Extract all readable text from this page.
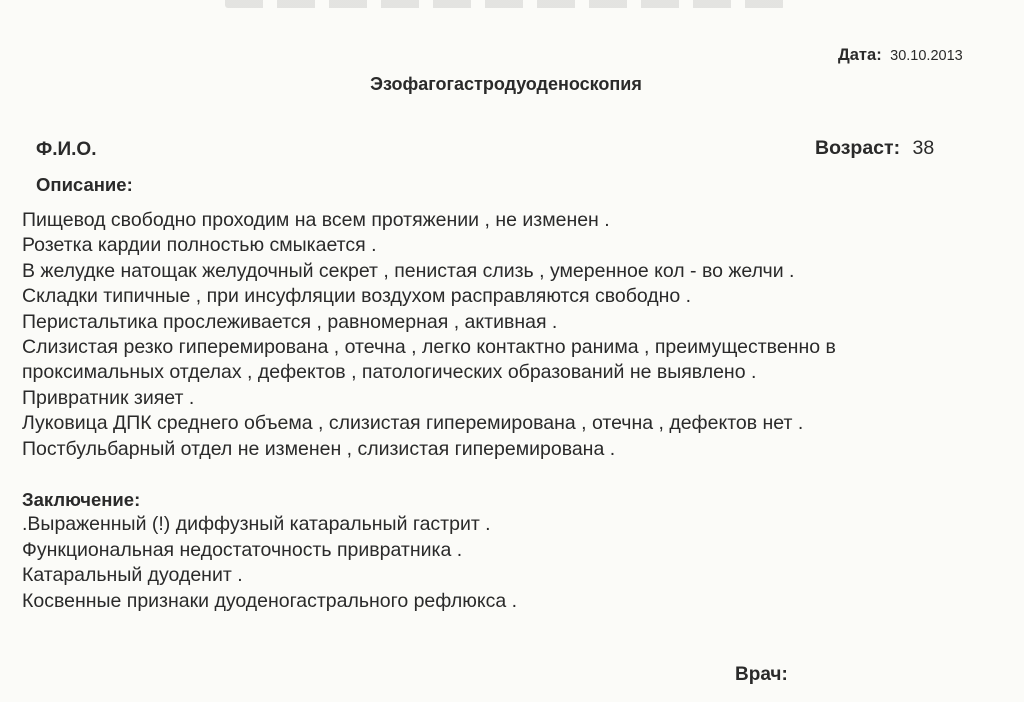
Дата: 30.10.2013
Эзофагогастродуоденоскопия
Ф.И.О.	Возраст: 38
Описание:
Пищевод свободно проходим на всем протяжении , не изменен .
Розетка кардии полностью смыкается .
В желудке натощак желудочный секрет , пенистая слизь , умеренное кол - во желчи .
Складки типичные , при инсуфляции воздухом расправляются свободно .
Перистальтика прослеживается , равномерная , активная .
Слизистая резко гиперемирована , отечна , легко контактно ранима , преимущественно в
проксимальных отделах , дефектов , патологических образований не выявлено .
Привратник зияет .
Луковица ДПК среднего объема , слизистая гиперемирована , отечна , дефектов нет .
Постбульбарный отдел не изменен , слизистая гиперемирована .
Заключение:
.Выраженный (!) диффузный катаральный гастрит .
Функциональная недостаточность привратника .
Катаральный дуоденит .
Косвенные признаки дуоденогастрального рефлюкса .
Врач:
